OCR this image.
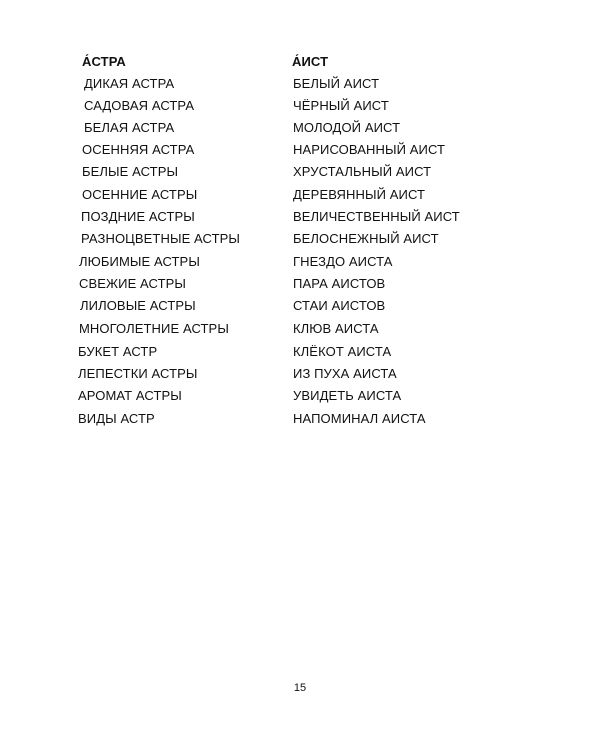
А́СТРА
ДИКАЯ АСТРА
САДОВАЯ АСТРА
БЕЛАЯ АСТРА
ОСЕННЯЯ АСТРА
БЕЛЫЕ АСТРЫ
ОСЕННИЕ АСТРЫ
ПОЗДНИЕ АСТРЫ
РАЗНОЦВЕТНЫЕ АСТРЫ
ЛЮБИМЫЕ АСТРЫ
СВЕЖИЕ АСТРЫ
ЛИЛОВЫЕ АСТРЫ
МНОГОЛЕТНИЕ АСТРЫ
БУКЕТ АСТР
ЛЕПЕСТКИ АСТРЫ
АРОМАТ АСТРЫ
ВИДЫ АСТР
А́ИСТ
БЕЛЫЙ АИСТ
ЧЁРНЫЙ АИСТ
МОЛОДОЙ АИСТ
НАРИСОВАННЫЙ АИСТ
ХРУСТАЛЬНЫЙ АИСТ
ДЕРЕВЯННЫЙ АИСТ
ВЕЛИЧЕСТВЕННЫЙ АИСТ
БЕЛОСНЕЖНЫЙ АИСТ
ГНЕЗДО АИСТА
ПАРА АИСТОВ
СТАИ АИСТОВ
КЛЮВ АИСТА
КЛЁКОТ АИСТА
ИЗ ПУХА АИСТА
УВИДЕТЬ АИСТА
НАПОМИНАЛ АИСТА
15
